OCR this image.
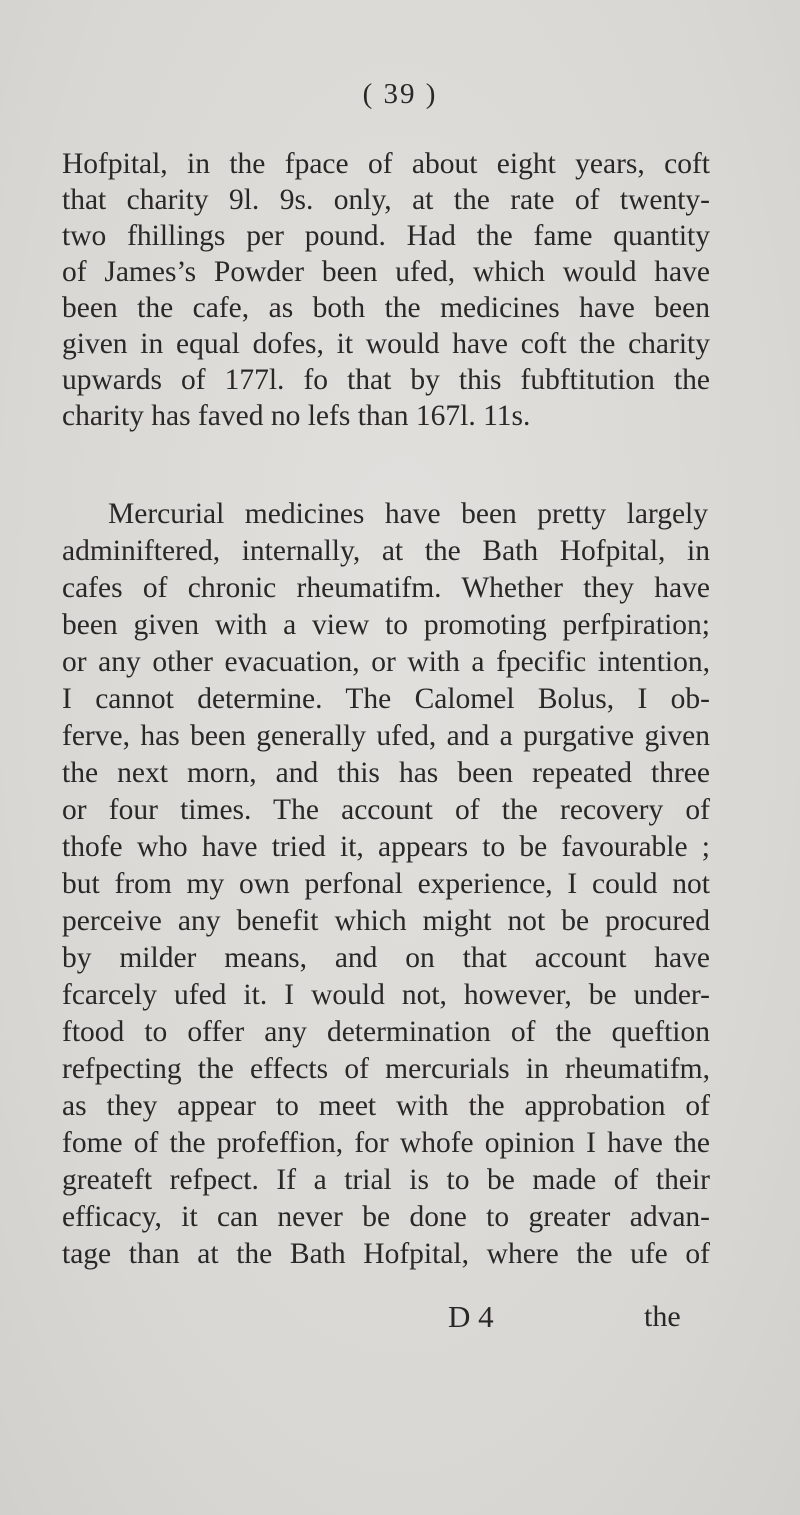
( 39 )
Hofpital, in the fpace of about eight years, coft
that charity 9l. 9s. only, at the rate of twenty-
two fhillings per pound. Had the fame quantity
of James’s Powder been ufed, which would have
been the cafe, as both the medicines have been
given in equal dofes, it would have coft the charity
upwards of 177l. fo that by this fubftitution the
charity has faved no lefs than 167l. 11s.
Mercurial medicines have been pretty largely
adminiftered, internally, at the Bath Hofpital, in
cafes of chronic rheumatifm. Whether they have
been given with a view to promoting perfpiration;
or any other evacuation, or with a fpecific intention,
I cannot determine. The Calomel Bolus, I ob-
ferve, has been generally ufed, and a purgative given
the next morn, and this has been repeated three
or four times. The account of the recovery of
thofe who have tried it, appears to be favourable ;
but from my own perfonal experience, I could not
perceive any benefit which might not be procured
by milder means, and on that account have
fcarcely ufed it. I would not, however, be under-
ftood to offer any determination of the queftion
refpecting the effects of mercurials in rheumatifm,
as they appear to meet with the approbation of
fome of the profeffion, for whofe opinion I have the
greateft refpect. If a trial is to be made of their
efficacy, it can never be done to greater advan-
tage than at the Bath Hofpital, where the ufe of
D 4	the
